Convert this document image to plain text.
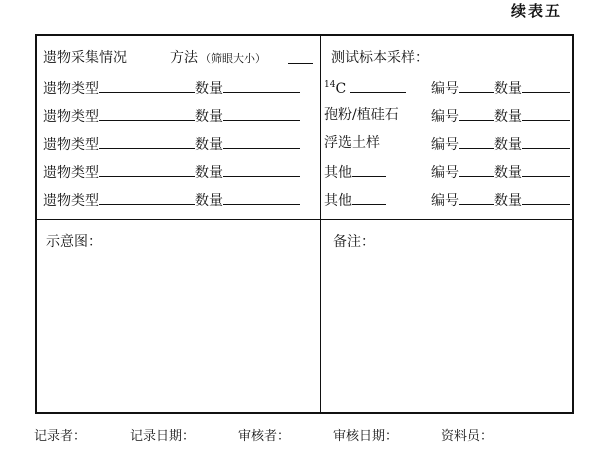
续表五
遗物采集情况	方法 （筛眼大小）
遗物类型	数量
遗物类型	数量
遗物类型	数量
遗物类型	数量
遗物类型	数量
测试标本采样：
$^{14}$C	编号	数量
孢粉/植硅石 编号	数量
浮选土样	编号	数量
其他	编号	数量
其他	编号	数量
示意图：	备注：
记录者：	记录日期：	审核者：	审核日期：	资料员：
